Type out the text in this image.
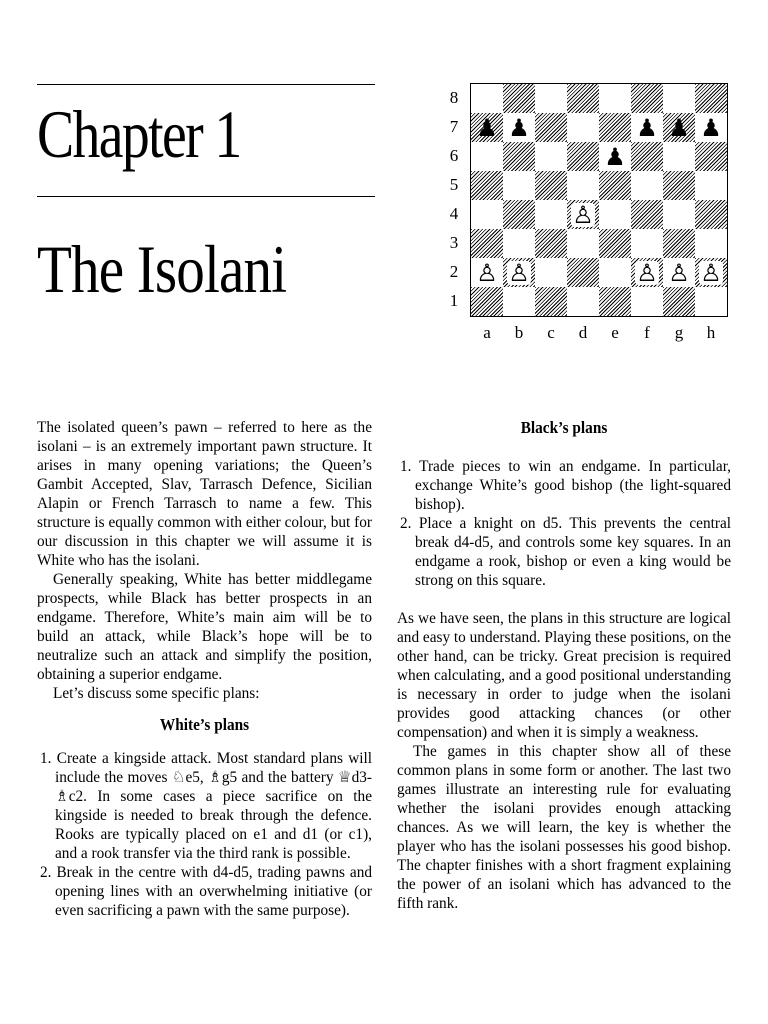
Chapter 1
The Isolani
8
7
6
5
4
3
2
1
♟ ♟	♟ ♟ ♟
♟
♙
♙ ♙	♙ ♙ ♙
a	b	c	d	e	f	g	h

The isolated queen’s pawn – referred to here as the isolani – is an extremely important pawn structure. It arises in many opening variations; the Queen’s Gambit Accepted, Slav, Tarrasch Defence, Sicilian Alapin or French Tarrasch to name a few. This structure is equally common with either colour, but for our discussion in this chapter we will assume it is White who has the isolani.

Generally speaking, White has better middlegame prospects, while Black has better prospects in an endgame. Therefore, White’s main aim will be to build an attack, while Black’s hope will be to neutralize such an attack and simplify the position, obtaining a superior endgame.

Let’s discuss some specific plans:

White’s plans
1. Create a kingside attack. Most standard plans will include the moves ♘e5, ♗g5 and the battery ♕d3-♗c2. In some cases a piece sacrifice on the kingside is needed to break through the defence. Rooks are typically placed on e1 and d1 (or c1), and a rook transfer via the third rank is possible.
2. Break in the centre with d4-d5, trading pawns and opening lines with an overwhelming initiative (or even sacrificing a pawn with the same purpose).
Black’s plans
1. Trade pieces to win an endgame. In particular, exchange White’s good bishop (the light-squared bishop).
2. Place a knight on d5. This prevents the central break d4-d5, and controls some key squares. In an endgame a rook, bishop or even a king would be strong on this square.

As we have seen, the plans in this structure are logical and easy to understand. Playing these positions, on the other hand, can be tricky. Great precision is required when calculating, and a good positional understanding is necessary in order to judge when the isolani provides good attacking chances (or other compensation) and when it is simply a weakness.

The games in this chapter show all of these common plans in some form or another. The last two games illustrate an interesting rule for evaluating whether the isolani provides enough attacking chances. As we will learn, the key is whether the player who has the isolani possesses his good bishop. The chapter finishes with a short fragment explaining the power of an isolani which has advanced to the fifth rank.
